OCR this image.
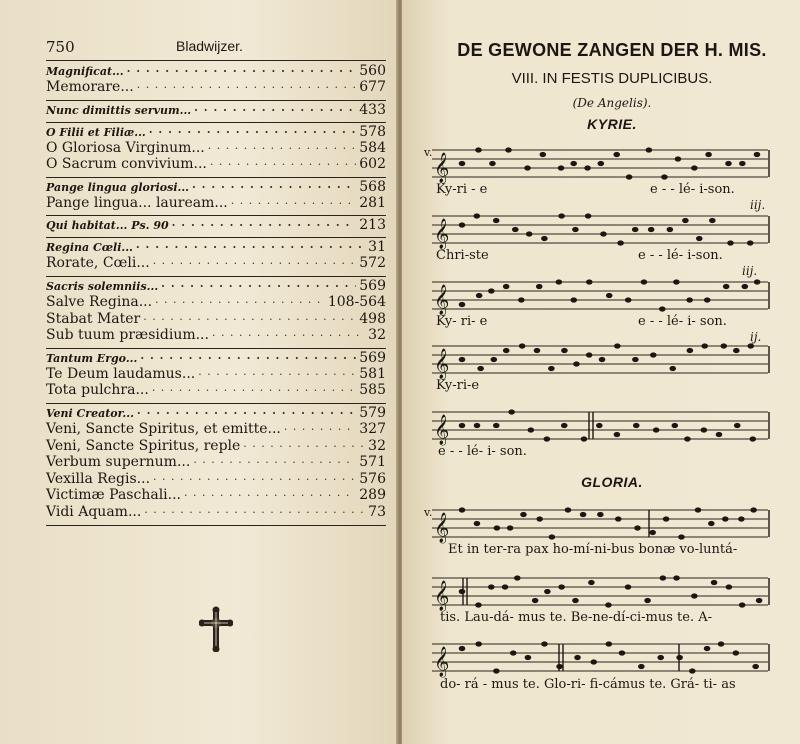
750	Bladwijzer.
Magnificat... · · ·	560
Memorare... · · ·	677
Nunc dimittis servum... · · ·	433
O Filii et Filiæ... · · ·	578
O Gloriosa Virginum... · · ·	584
O Sacrum convivium... · · ·	602
Pange lingua gloriosi... · · ·	568
Pange lingua... lauream... · · ·	281
Qui habitat... Ps. 90 · · ·	213
Regina Cœli... · · ·	31
Rorate, Cœli... · · ·	572
Sacris solemniis... · · ·	569
Salve Regina... · · ·	108-564
Stabat Mater · · ·	498
Sub tuum præsidium... · · ·	32
Tantum Ergo... · · ·	569
Te Deum laudamus... · · ·	581
Tota pulchra... · · ·	585
Veni Creator... · · ·	579
Veni, Sancte Spiritus, et emitte... · · ·	327
Veni, Sancte Spiritus, reple · · ·	32
Verbum supernum... · · ·	571
Vexilla Regis... · · ·	576
Victimæ Paschali... · · ·	289
Vidi Aquam... · · ·	73
DE GEWONE ZANGEN DER H. MIS.
VIII. IN FESTIS DUPLICIBUS.
(De Angelis).
KYRIE.
𝄞
𝄞
𝄞
𝄞
𝄞
𝄞
𝄞
𝄞
v.
Ky-ri - e	e - - lé- i-son.
iij.
Chri-ste	e - - lé- i-son.
iij.
Ky- ri- e	e - - lé- i- son.
ij.
Ky-ri-e
e - - lé- i- son.
GLORIA.
v.
Et in ter-ra pax ho-mí-ni-bus bonæ vo-luntá-
tis. Lau-dá- mus te. Be-ne-dí-ci-mus te. A-
do- rá - mus te. Glo-ri- fi-cámus te. Grá- ti- as
